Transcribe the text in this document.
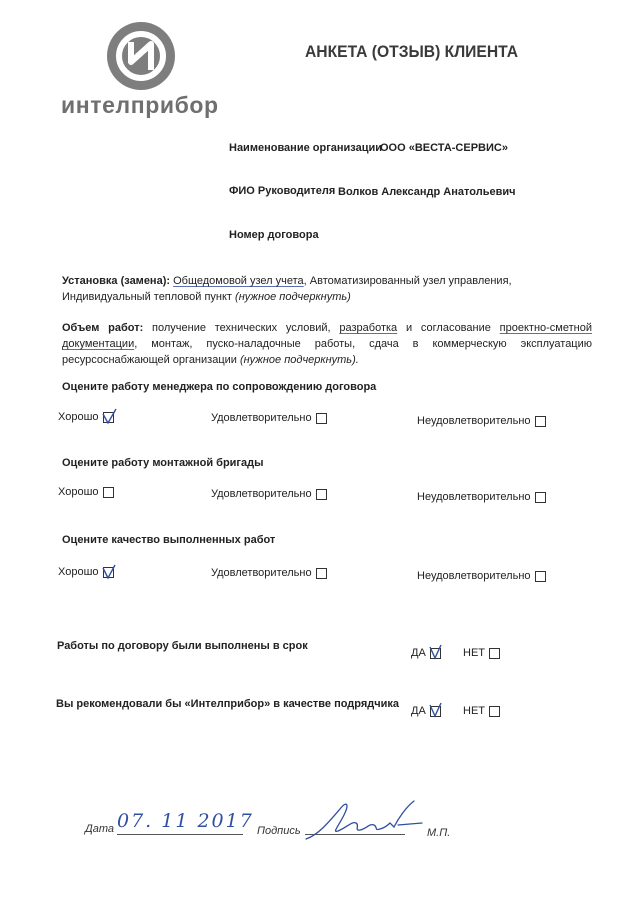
интелприбор
АНКЕТА (ОТЗЫВ) КЛИЕНТА
Наименование организации
ООО «ВЕСТА-СЕРВИС»
ФИО Руководителя Волков Александр Анатольевич
Номер договора
Установка (замена): Общедомовой узел учета, Автоматизированный узел управления, Индивидуальный тепловой пункт (нужное подчеркнуть)
Объем работ: получение технических условий, разработка и согласование проектно-сметной
документации, монтаж, пуско-наладочные работы, сдача в коммерческую эксплуатацию
ресурсоснабжающей организации (нужное подчеркнуть).
Оцените работу менеджера по сопровождению договора
Хорошо	Удовлетворительно	Неудовлетворительно
Оцените работу монтажной бригады
Хорошо	Удовлетворительно	Неудовлетворительно
Оцените качество выполненных работ
Хорошо	Удовлетворительно	Неудовлетворительно
Работы по договору были выполнены в срок
ДА	НЕТ
Вы рекомендовали бы «Интелприбор» в качестве подрядчика
ДА	НЕТ
Дата 07. 11 2017 Подпись	М.П.
